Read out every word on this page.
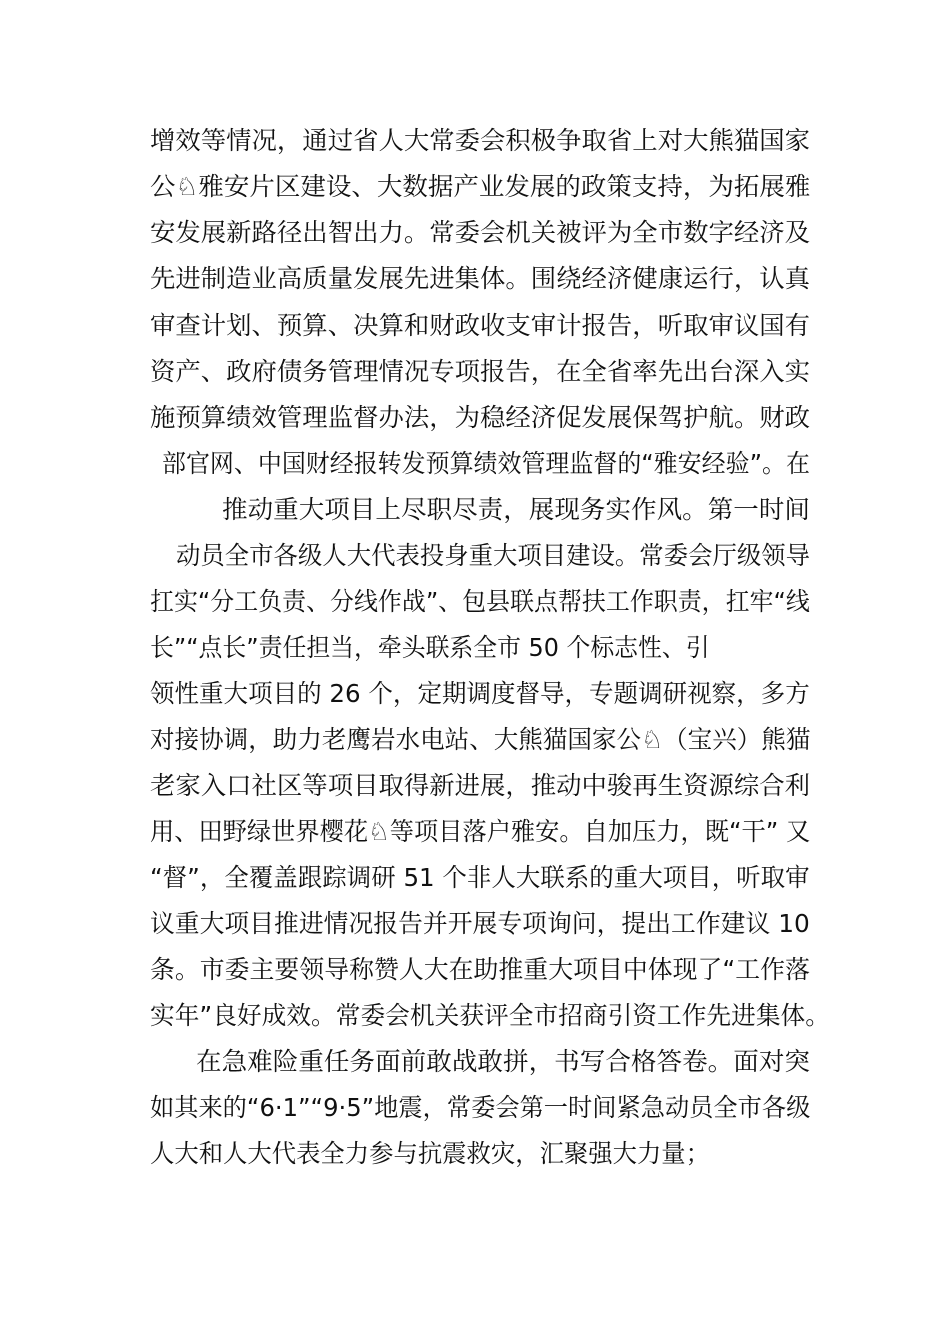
增效等情况，通过省人大常委会积极争取省上对大熊猫国家
公♘雅安片区建设、大数据产业发展的政策支持，为拓展雅
安发展新路径出智出力。常委会机关被评为全市数字经济及
先进制造业高质量发展先进集体。围绕经济健康运行，认真
审查计划、预算、决算和财政收支审计报告，听取审议国有
资产、政府债务管理情况专项报告，在全省率先出台深入实
施预算绩效管理监督办法，为稳经济促发展保驾护航。财政
部官网、中国财经报转发预算绩效管理监督的“雅安经验”。在
推动重大项目上尽职尽责，展现务实作风。第一时间
动员全市各级人大代表投身重大项目建设。常委会厅级领导
扛实“分工负责、分线作战”、包县联点帮扶工作职责，扛牢“线
长”“点长”责任担当，牵头联系全市 50 个标志性、引
领性重大项目的 26 个，定期调度督导，专题调研视察，多方
对接协调，助力老鹰岩水电站、大熊猫国家公♘（宝兴）熊猫
老家入口社区等项目取得新进展，推动中骏再生资源综合利
用、田野绿世界樱花♘等项目落户雅安。自加压力，既“干” 又
“督”，全覆盖跟踪调研 51 个非人大联系的重大项目，听取审
议重大项目推进情况报告并开展专项询问，提出工作建议 10
条。市委主要领导称赞人大在助推重大项目中体现了“工作落
实年”良好成效。常委会机关获评全市招商引资工作先进集体。
在急难险重任务面前敢战敢拼，书写合格答卷。面对突
如其来的“6·1”“9·5”地震，常委会第一时间紧急动员全市各级
人大和人大代表全力参与抗震救灾，汇聚强大力量；
